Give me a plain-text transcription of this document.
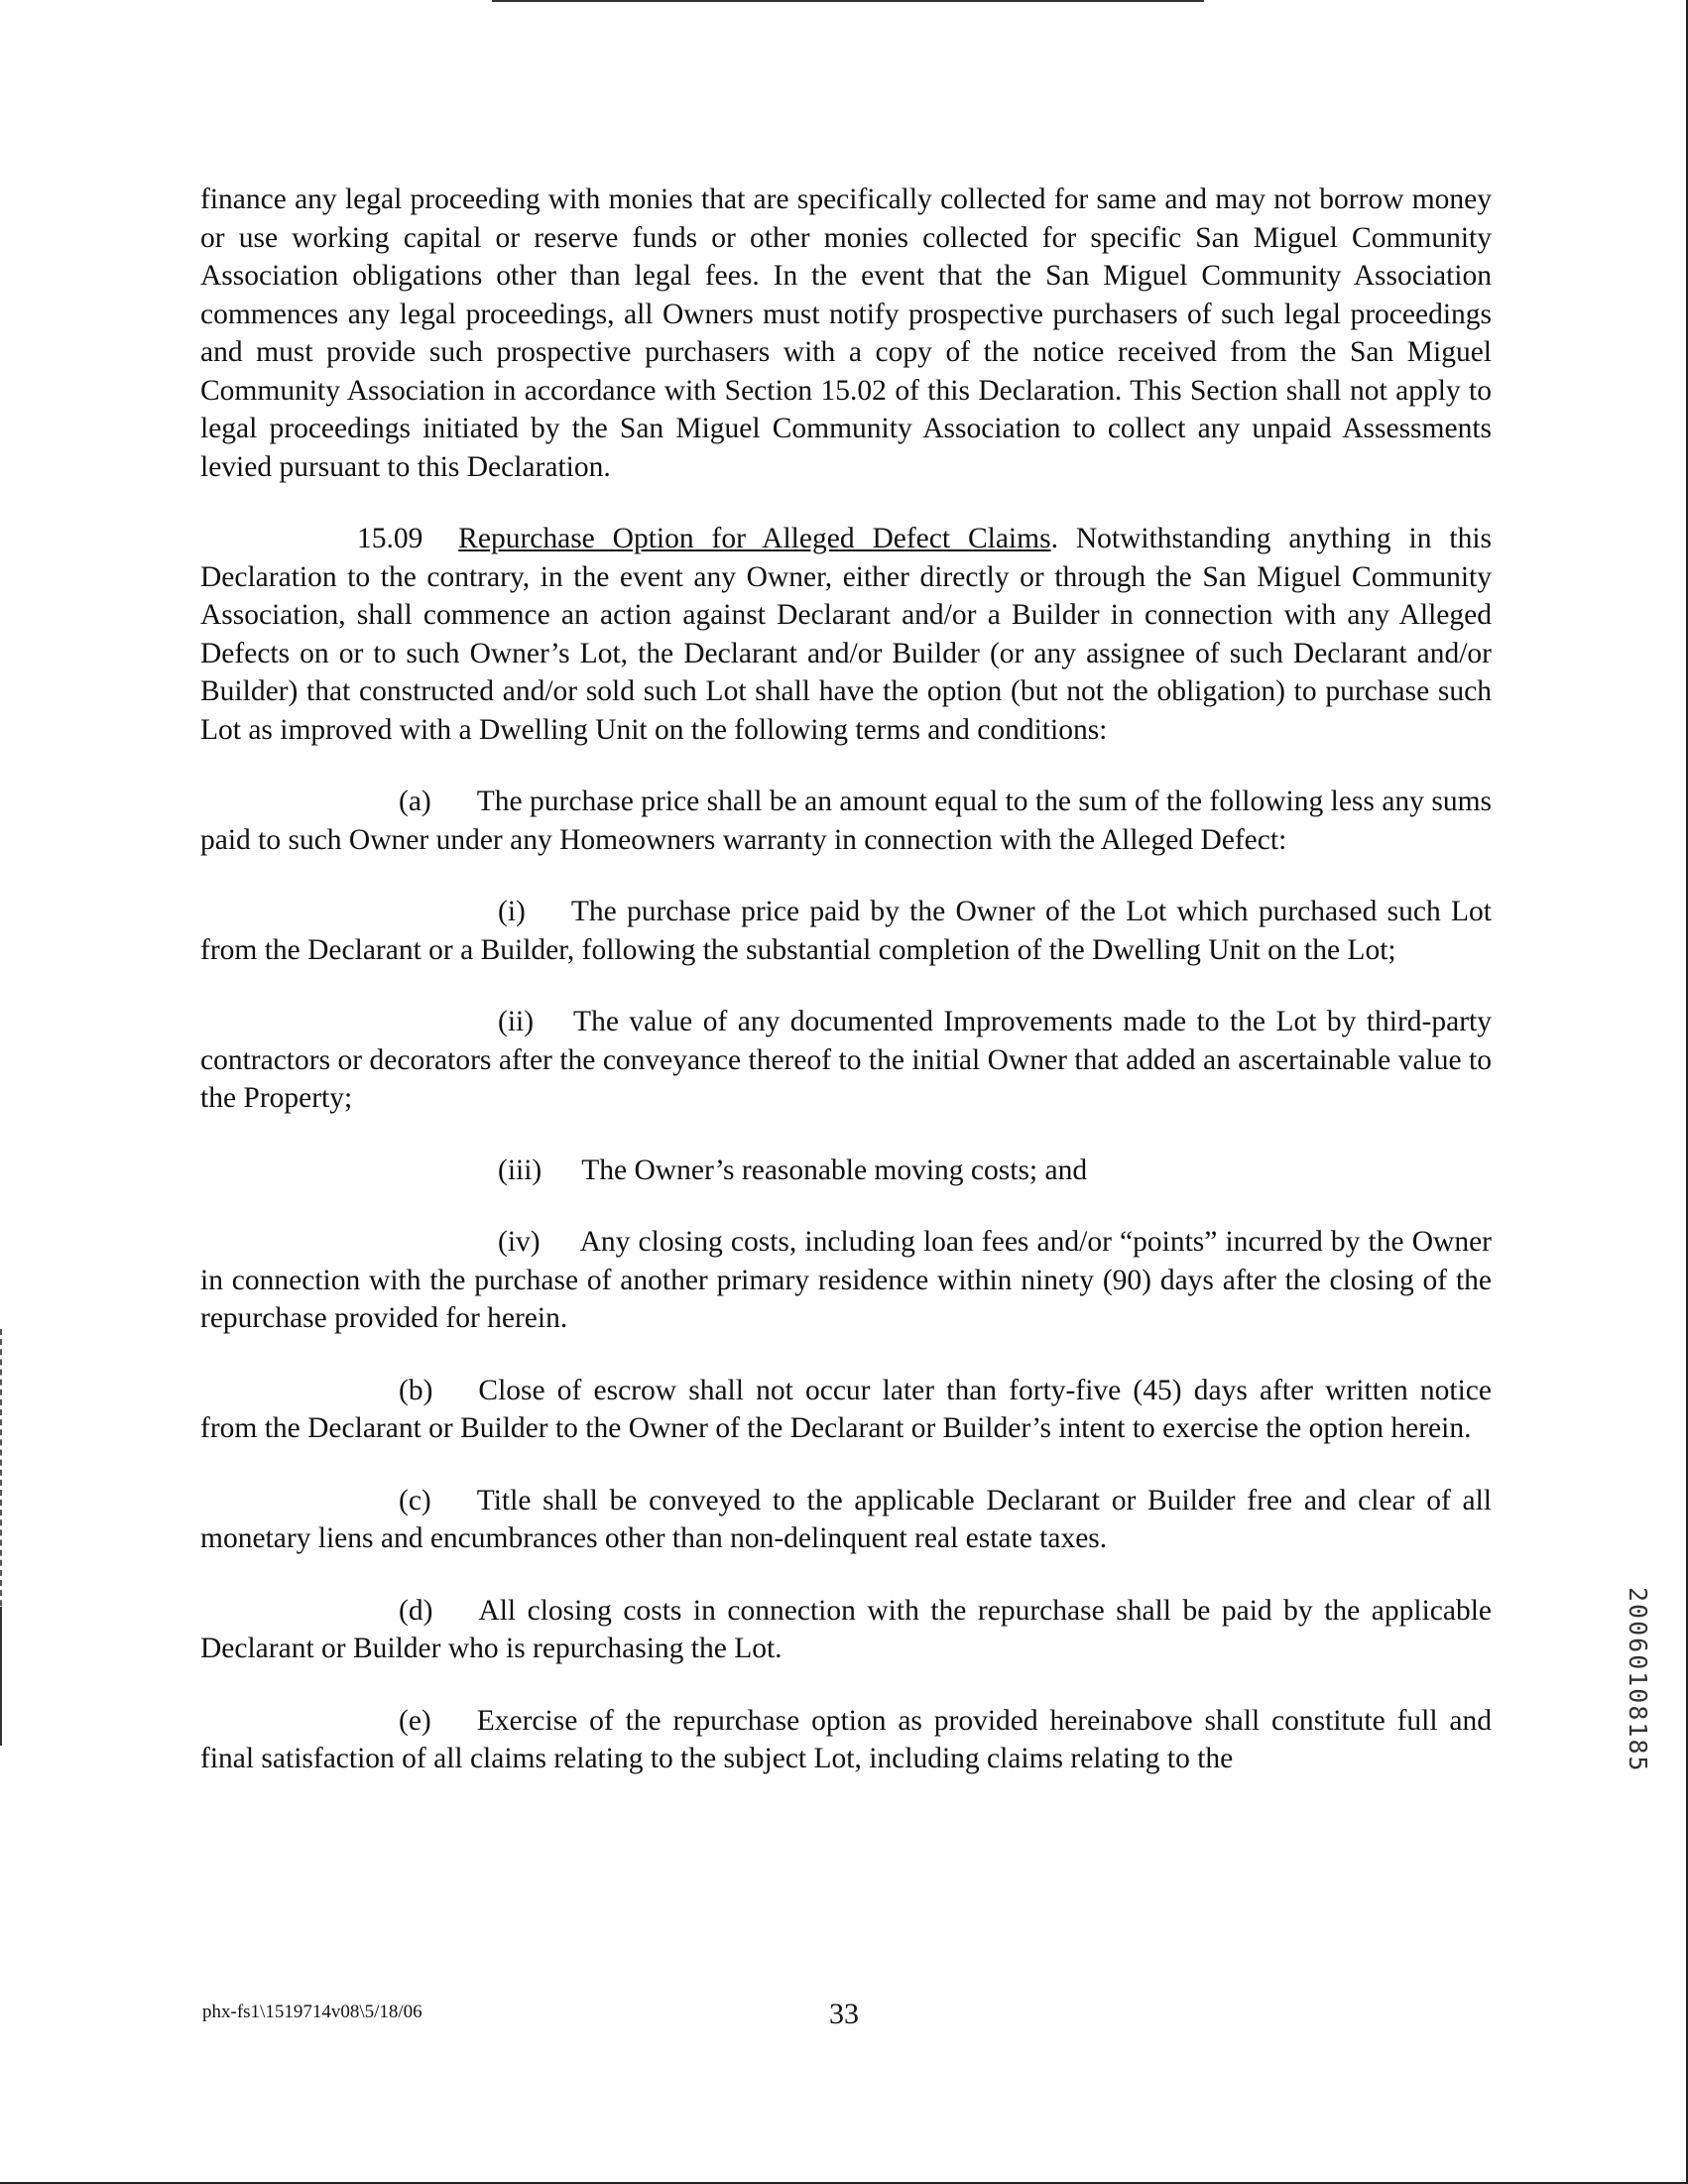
finance any legal proceeding with monies that are specifically collected for same and may not borrow money or use working capital or reserve funds or other monies collected for specific San Miguel Community Association obligations other than legal fees. In the event that the San Miguel Community Association commences any legal proceedings, all Owners must notify prospective purchasers of such legal proceedings and must provide such prospective purchasers with a copy of the notice received from the San Miguel Community Association in accordance with Section 15.02 of this Declaration. This Section shall not apply to legal proceedings initiated by the San Miguel Community Association to collect any unpaid Assessments levied pursuant to this Declaration.

15.09 Repurchase Option for Alleged Defect Claims. Notwithstanding anything in this Declaration to the contrary, in the event any Owner, either directly or through the San Miguel Community Association, shall commence an action against Declarant and/or a Builder in connection with any Alleged Defects on or to such Owner’s Lot, the Declarant and/or Builder (or any assignee of such Declarant and/or Builder) that constructed and/or sold such Lot shall have the option (but not the obligation) to purchase such Lot as improved with a Dwelling Unit on the following terms and conditions:

(a) The purchase price shall be an amount equal to the sum of the following less any sums paid to such Owner under any Homeowners warranty in connection with the Alleged Defect:

(i) The purchase price paid by the Owner of the Lot which purchased such Lot from the Declarant or a Builder, following the substantial completion of the Dwelling Unit on the Lot;

(ii) The value of any documented Improvements made to the Lot by third-party contractors or decorators after the conveyance thereof to the initial Owner that added an ascertainable value to the Property;

(iii) The Owner’s reasonable moving costs; and

(iv) Any closing costs, including loan fees and/or “points” incurred by the Owner in connection with the purchase of another primary residence within ninety (90) days after the closing of the repurchase provided for herein.

(b) Close of escrow shall not occur later than forty-five (45) days after written notice from the Declarant or Builder to the Owner of the Declarant or Builder’s intent to exercise the option herein.

(c) Title shall be conveyed to the applicable Declarant or Builder free and clear of all monetary liens and encumbrances other than non-delinquent real estate taxes.

(d) All closing costs in connection with the repurchase shall be paid by the applicable Declarant or Builder who is repurchasing the Lot.

(e) Exercise of the repurchase option as provided hereinabove shall constitute full and final satisfaction of all claims relating to the subject Lot, including claims relating to the

phx-fs1\1519714v08\5/18/06	33
20060108185
